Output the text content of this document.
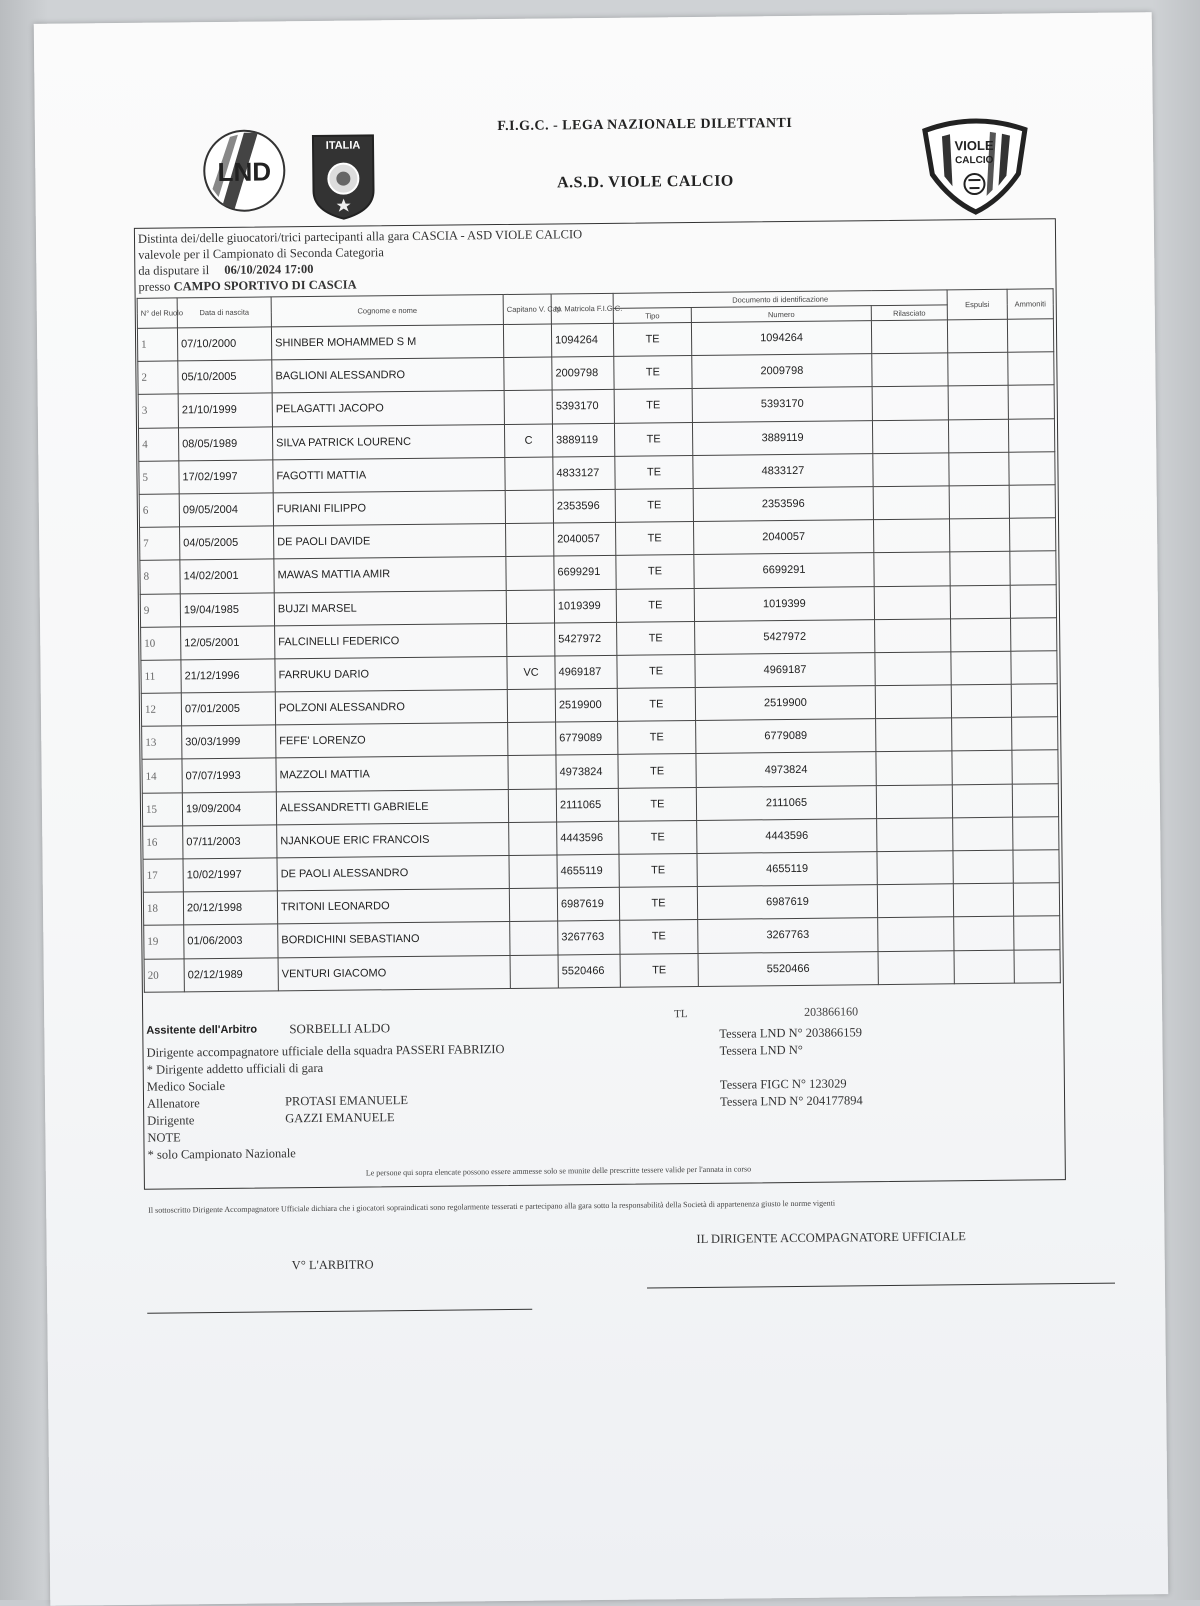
LND
ITALIA	VIOLE
CALCIO
F.I.G.C. - LEGA NAZIONALE DILETTANTI
A.S.D. VIOLE CALCIO
Distinta dei/delle giuocatori/trici partecipanti alla gara CASCIA - ASD VIOLE CALCIO
valevole per il Campionato di Seconda Categoria
da disputare il 06/10/2024 17:00
presso CAMPO SPORTIVO DI CASCIA
N° del Ruolo	Data di nascita	Cognome e nome	Capitano V. Cap	N. Matricola F.I.G.C.	Documento di identificazione			Espulsi	Ammoniti
					Tipo	Numero	Rilasciato		
1	07/10/2000	SHINBER MOHAMMED S M		1094264	TE	1094264			
2	05/10/2005	BAGLIONI ALESSANDRO		2009798	TE	2009798			
3	21/10/1999	PELAGATTI JACOPO		5393170	TE	5393170			
4	08/05/1989	SILVA PATRICK LOURENC	C	3889119	TE	3889119			
5	17/02/1997	FAGOTTI MATTIA		4833127	TE	4833127			
6	09/05/2004	FURIANI FILIPPO		2353596	TE	2353596			
7	04/05/2005	DE PAOLI DAVIDE		2040057	TE	2040057			
8	14/02/2001	MAWAS MATTIA AMIR		6699291	TE	6699291			
9	19/04/1985	BUJZI MARSEL		1019399	TE	1019399			
10	12/05/2001	FALCINELLI FEDERICO		5427972	TE	5427972			
11	21/12/1996	FARRUKU DARIO	VC	4969187	TE	4969187			
12	07/01/2005	POLZONI ALESSANDRO		2519900	TE	2519900			
13	30/03/1999	FEFE' LORENZO		6779089	TE	6779089			
14	07/07/1993	MAZZOLI MATTIA		4973824	TE	4973824			
15	19/09/2004	ALESSANDRETTI GABRIELE		2111065	TE	2111065			
16	07/11/2003	NJANKOUE ERIC FRANCOIS		4443596	TE	4443596			
17	10/02/1997	DE PAOLI ALESSANDRO		4655119	TE	4655119			
18	20/12/1998	TRITONI LEONARDO		6987619	TE	6987619			
19	01/06/2003	BORDICHINI SEBASTIANO		3267763	TE	3267763			
20	02/12/1989	VENTURI GIACOMO		5520466	TE	5520466			
Assitente dell'Arbitro SORBELLI ALDO
TL	203866160
Dirigente accompagnatore ufficiale della squadra PASSERI FABRIZIO
* Dirigente addetto ufficiali di gara
Medico Sociale
Allenatore
Dirigente
NOTE
* solo Campionato Nazionale
PROTASI EMANUELE
GAZZI EMANUELE
Tessera LND N° 203866159
Tessera LND N°
Tessera FIGC N° 123029
Tessera LND N° 204177894
Le persone qui sopra elencate possono essere ammesse solo se munite delle prescritte tessere valide per l'annata in corso
Il sottoscritto Dirigente Accompagnatore Ufficiale dichiara che i giocatori sopraindicati sono regolarmente tesserati e partecipano alla gara sotto la responsabilità della Società di appartenenza giusto le norme vigenti
V° L'ARBITRO
IL DIRIGENTE ACCOMPAGNATORE UFFICIALE
